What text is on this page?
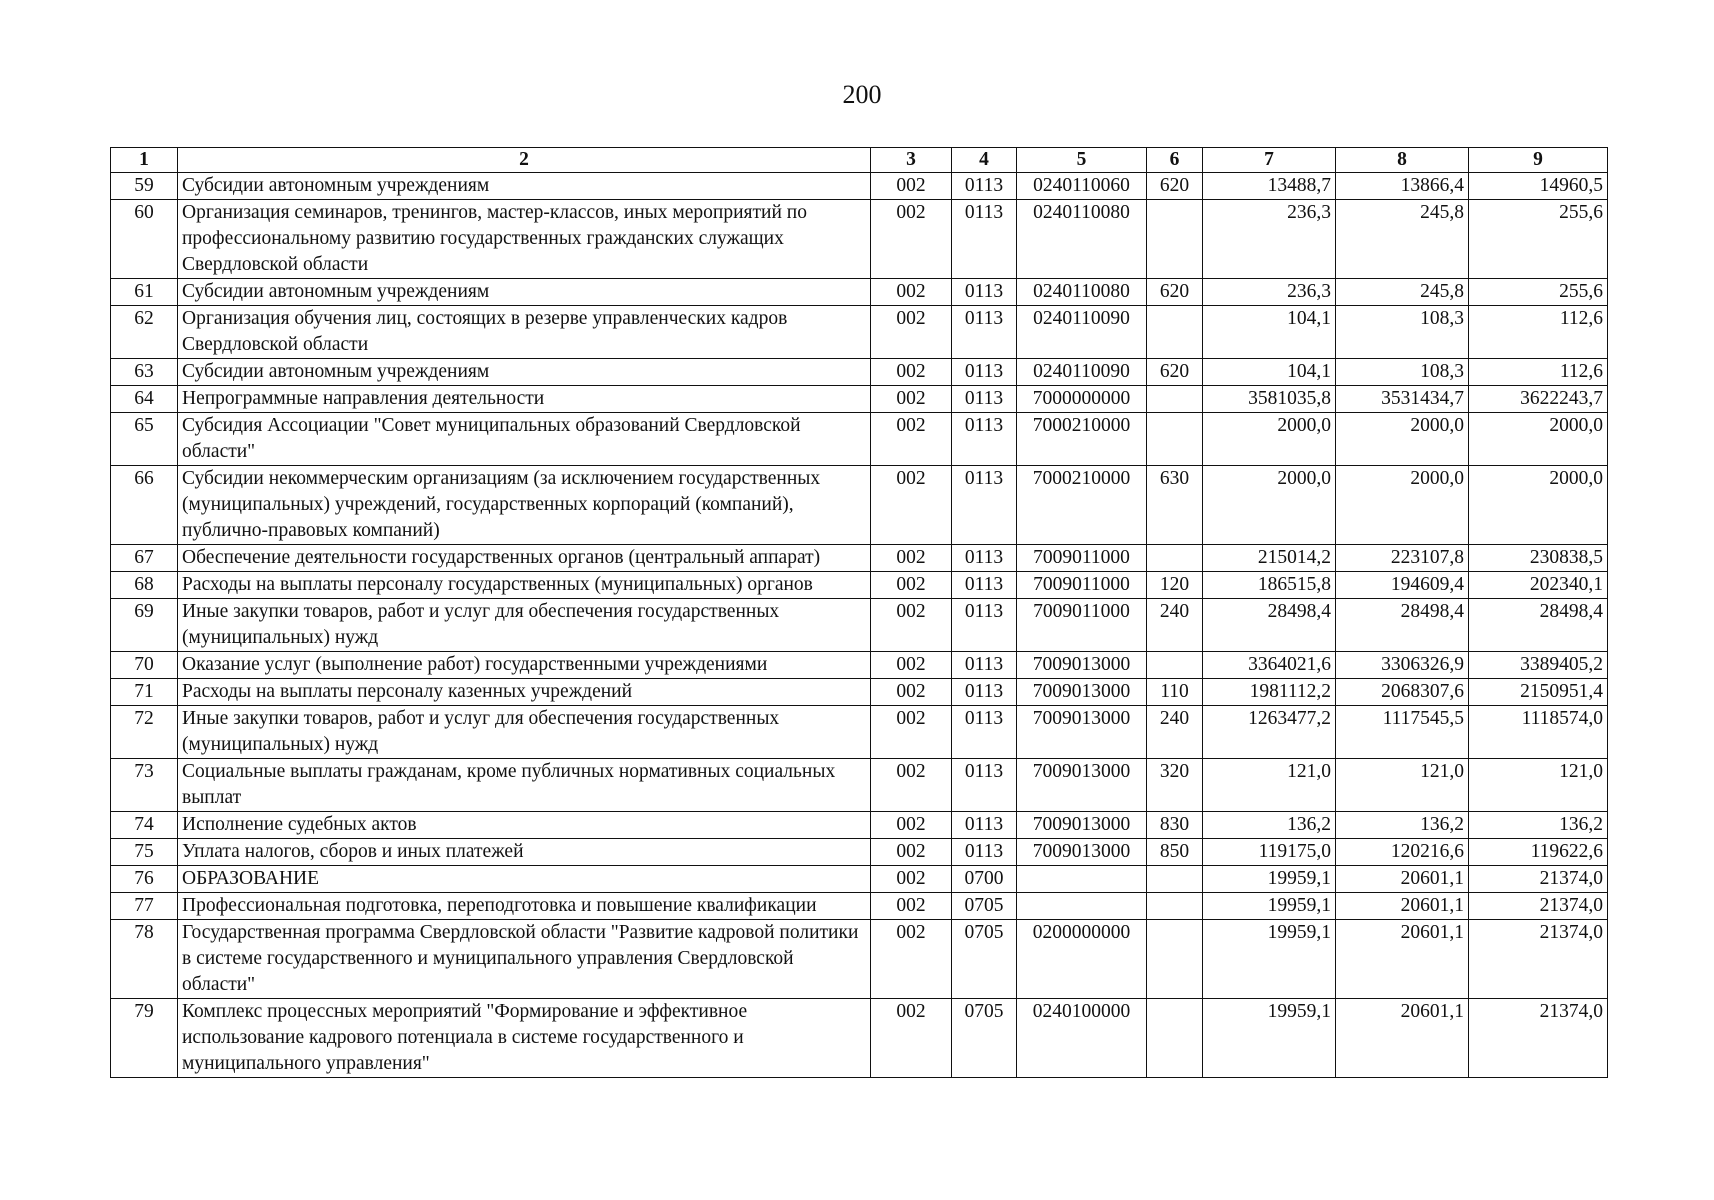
200
1	2	3	4	5	6	7	8	9
59	Субсидии автономным учреждениям	002	0113	0240110060	620	13488,7	13866,4	14960,5
60	Организация семинаров, тренингов, мастер-классов, иных мероприятий по профессиональному развитию государственных гражданских служащих Свердловской области	002	0113	0240110080		236,3	245,8	255,6
61	Субсидии автономным учреждениям	002	0113	0240110080	620	236,3	245,8	255,6
62	Организация обучения лиц, состоящих в резерве управленческих кадров Свердловской области	002	0113	0240110090		104,1	108,3	112,6
63	Субсидии автономным учреждениям	002	0113	0240110090	620	104,1	108,3	112,6
64	Непрограммные направления деятельности	002	0113	7000000000		3581035,8	3531434,7	3622243,7
65	Субсидия Ассоциации "Совет муниципальных образований Свердловской области"	002	0113	7000210000		2000,0	2000,0	2000,0
66	Субсидии некоммерческим организациям (за исключением государственных (муниципальных) учреждений, государственных корпораций (компаний), публично-правовых компаний)	002	0113	7000210000	630	2000,0	2000,0	2000,0
67	Обеспечение деятельности государственных органов (центральный аппарат)	002	0113	7009011000		215014,2	223107,8	230838,5
68	Расходы на выплаты персоналу государственных (муниципальных) органов	002	0113	7009011000	120	186515,8	194609,4	202340,1
69	Иные закупки товаров, работ и услуг для обеспечения государственных (муниципальных) нужд	002	0113	7009011000	240	28498,4	28498,4	28498,4
70	Оказание услуг (выполнение работ) государственными учреждениями	002	0113	7009013000		3364021,6	3306326,9	3389405,2
71	Расходы на выплаты персоналу казенных учреждений	002	0113	7009013000	110	1981112,2	2068307,6	2150951,4
72	Иные закупки товаров, работ и услуг для обеспечения государственных (муниципальных) нужд	002	0113	7009013000	240	1263477,2	1117545,5	1118574,0
73	Социальные выплаты гражданам, кроме публичных нормативных социальных выплат	002	0113	7009013000	320	121,0	121,0	121,0
74	Исполнение судебных актов	002	0113	7009013000	830	136,2	136,2	136,2
75	Уплата налогов, сборов и иных платежей	002	0113	7009013000	850	119175,0	120216,6	119622,6
76	ОБРАЗОВАНИЕ	002	0700			19959,1	20601,1	21374,0
77	Профессиональная подготовка, переподготовка и повышение квалификации	002	0705			19959,1	20601,1	21374,0
78	Государственная программа Свердловской области "Развитие кадровой политики в системе государственного и муниципального управления Свердловской области"	002	0705	0200000000		19959,1	20601,1	21374,0
79	Комплекс процессных мероприятий "Формирование и эффективное использование кадрового потенциала в системе государственного и муниципального управления"	002	0705	0240100000		19959,1	20601,1	21374,0
